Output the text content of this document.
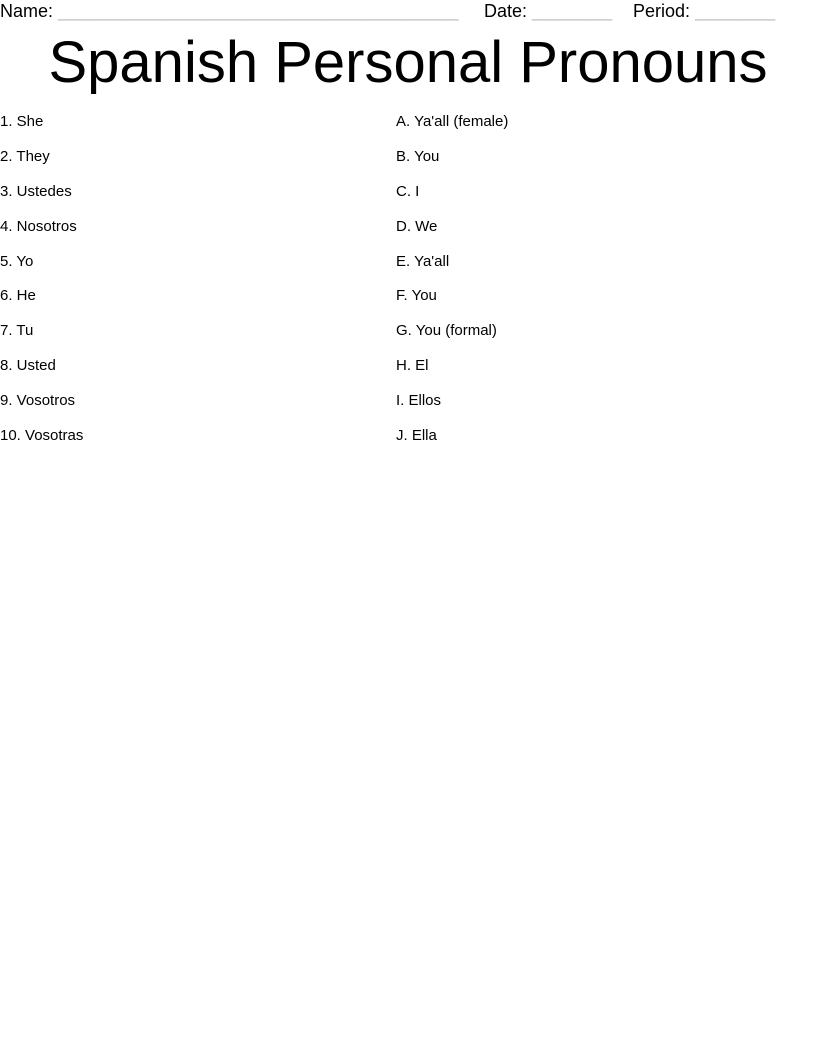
Name: ________________________________________ Date: ________ Period: ________
Spanish Personal Pronouns
1. She
2. They
3. Ustedes
4. Nosotros
5. Yo
6. He
7. Tu
8. Usted
9. Vosotros
10. Vosotras
A. Ya'all (female)
B. You
C. I
D. We
E. Ya'all
F. You
G. You (formal)
H. El
I. Ellos
J. Ella
